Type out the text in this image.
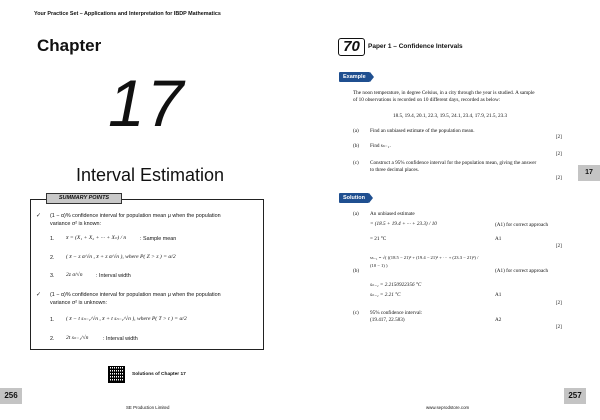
Your Practice Set – Applications and Interpretation for IBDP Mathematics
Chapter
17
Interval Estimation
SUMMARY POINTS
✓ (1 − α)% confidence interval for population mean μ when the population
variance σ² is known:
1. x̄ = (X₁ + X₂ + ··· + Xₙ) / n	: Sample mean
2. ( x̄ − z σ/√n , x̄ + z σ/√n ), where P( Z > z ) = α/2
3. 2z σ/√n : Interval width
✓ (1 − α)% confidence interval for population mean μ when the population
variance σ² is unknown:
1. ( x̄ − t sₙ₋₁/√n , x̄ + t sₙ₋₁/√n ), where P( T > t ) = α/2
2. 2t sₙ₋₁/√n	: Interval width
Solutions of Chapter 17
256
SE Production Limited
70	Paper 1 – Confidence Intervals
Example
The noon temperature, in degree Celsius, in a city through the year is studied. A sample
of 10 observations is recorded on 10 different days, recorded as below:
18.5, 19.4, 20.1, 22.3, 19.5, 24.1, 23.4, 17.9, 21.5, 23.3
(a) Find an unbiased estimate of the population mean.
[2]
(b) Find sₙ₋₁.
[2]
(c) Construct a 95% confidence interval for the population mean, giving the answer
to three decimal places.
[2]
Solution
(a) An unbiased estimate
= (18.5 + 19.4 + ··· + 23.3) / 10	(A1) for correct approach
= 21 °C	A1
[2]
(b)
sₙ₋₁ = √( ((18.5 − 21)² + (19.4 − 21)² + ··· + (23.3 − 21)²) / (10 − 1) )
(A1) for correct approach
sₙ₋₁ = 2.2150922356 °C
sₙ₋₁ = 2.21 °C	A1
[2]
(c) 95% confidence interval:
(19.417, 22.583)	A2
[2]
17
257
www.seprodstore.com
